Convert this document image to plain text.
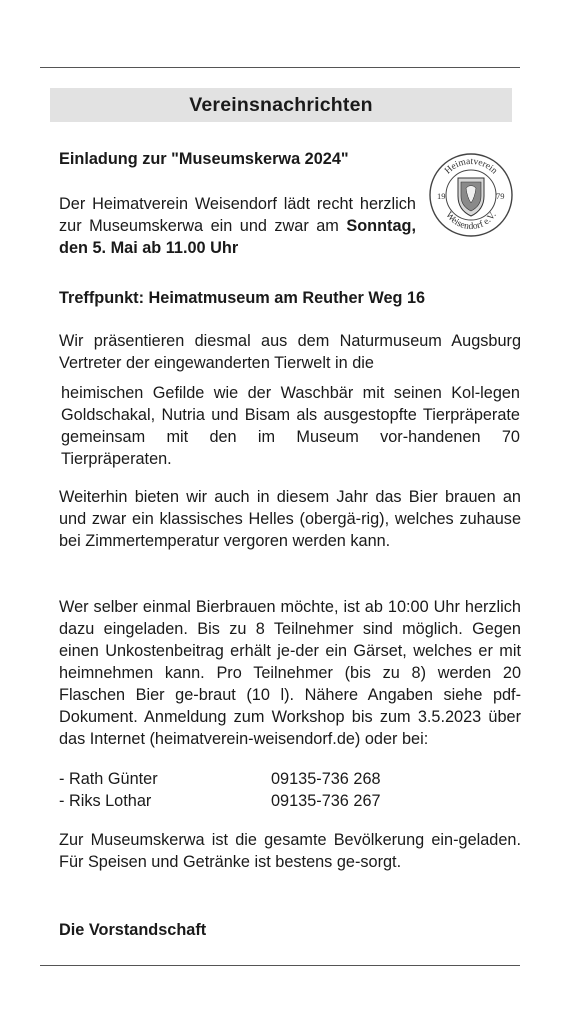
Vereinsnachrichten
Heimatverein
Weisendorf e.V.
19	79

Einladung zur "Museumskerwa 2024"

Der Heimatverein Weisendorf lädt recht herzlich zur Museumskerwa ein und zwar am Sonntag, den 5. Mai ab 11.00 Uhr

Treffpunkt: Heimatmuseum am Reuther Weg 16

Wir präsentieren diesmal aus dem Naturmuseum Augsburg Vertreter der eingewanderten Tierwelt in die

heimischen Gefilde wie der Waschbär mit seinen Kol-legen Goldschakal, Nutria und Bisam als ausgestopfte Tierpräperate gemeinsam mit den im Museum vor-handenen 70 Tierpräperaten.

Weiterhin bieten wir auch in diesem Jahr das Bier brauen an und zwar ein klassisches Helles (obergä-rig), welches zuhause bei Zimmertemperatur vergoren werden kann.

Wer selber einmal Bierbrauen möchte, ist ab 10:00 Uhr herzlich dazu eingeladen. Bis zu 8 Teilnehmer sind möglich. Gegen einen Unkostenbeitrag erhält je-der ein Gärset, welches er mit heimnehmen kann. Pro Teilnehmer (bis zu 8) werden 20 Flaschen Bier ge-braut (10 l). Nähere Angaben siehe pdf-Dokument. Anmeldung zum Workshop bis zum 3.5.2023 über das Internet (heimatverein-weisendorf.de) oder bei:

- Rath Günter	09135-736 268
- Riks Lothar	09135-736 267

Zur Museumskerwa ist die gesamte Bevölkerung ein-geladen. Für Speisen und Getränke ist bestens ge-sorgt.

Die Vorstandschaft
